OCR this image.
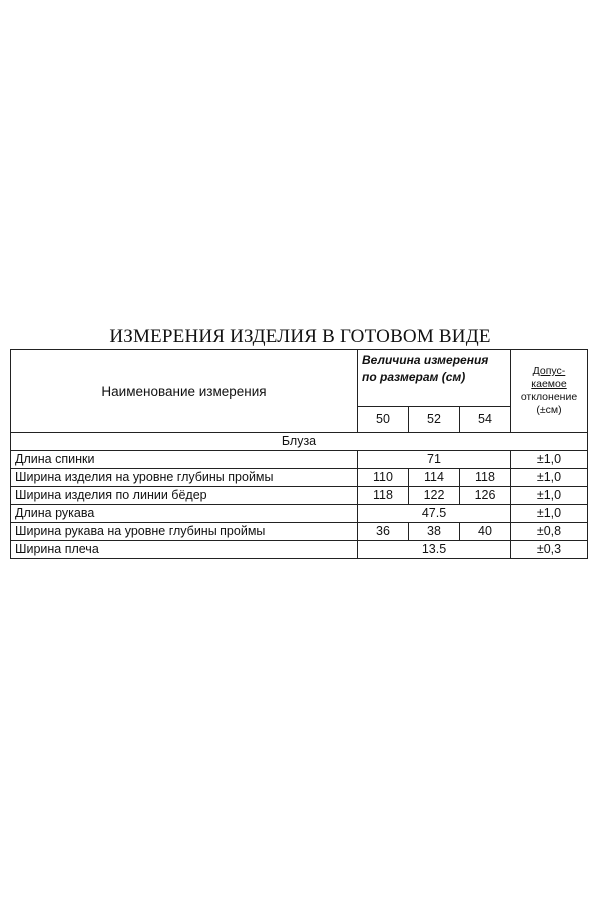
ИЗМЕРЕНИЯ ИЗДЕЛИЯ В ГОТОВОМ ВИДЕ
Наименование измерения	Величина измерения по размерам (см)			Допус-
каемое
отклонение
(±см)
	50	52	54	
Блуза				
Длина спинки	71			±1,0
Ширина изделия на уровне глубины проймы	110	114	118	±1,0
Ширина изделия по линии бёдер	118	122	126	±1,0
Длина рукава	47.5			±1,0
Ширина рукава на уровне глубины проймы	36	38	40	±0,8
Ширина плеча	13.5			±0,3
